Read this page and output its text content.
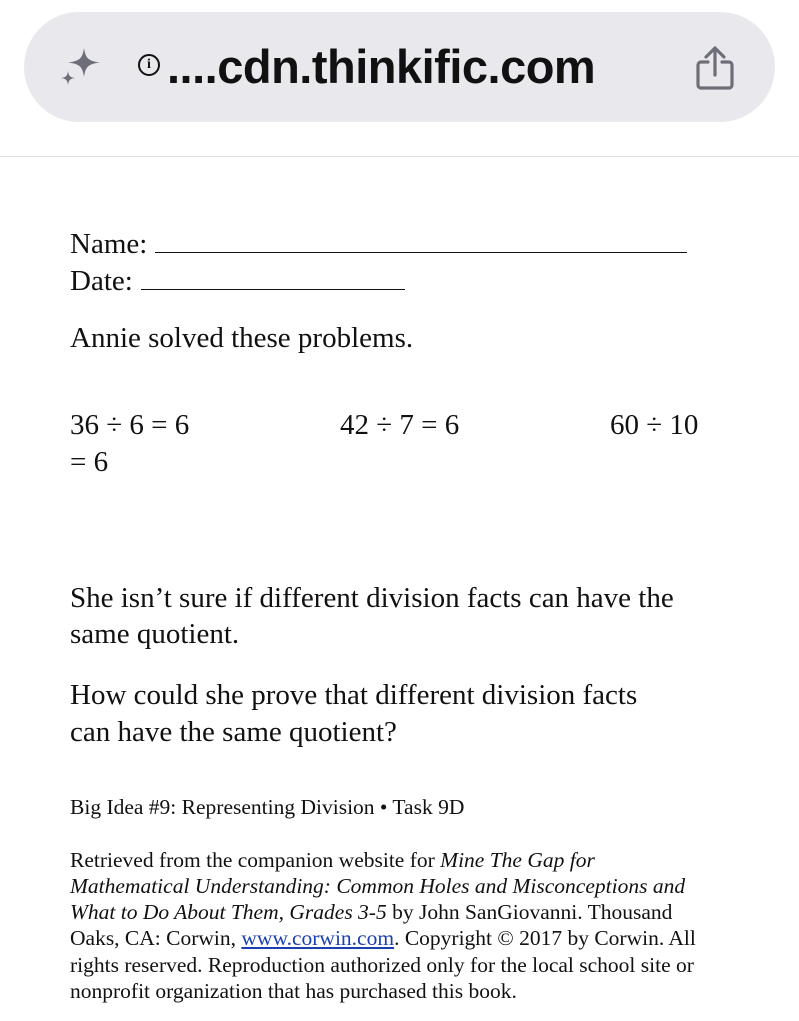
i ....cdn.thinkific.com
Name:
Date:
Annie solved these problems.
36 ÷ 6 = 6	42 ÷ 7 = 6	60 ÷ 10
= 6
She isn’t sure if different division facts can have the
same quotient.
How could she prove that different division facts
can have the same quotient?
Big Idea #9: Representing Division • Task 9D
Retrieved from the companion website for Mine The Gap for
Mathematical Understanding: Common Holes and Misconceptions and
What to Do About Them, Grades 3-5 by John SanGiovanni. Thousand
Oaks, CA: Corwin, www.corwin.com. Copyright © 2017 by Corwin. All
rights reserved. Reproduction authorized only for the local school site or
nonprofit organization that has purchased this book.
